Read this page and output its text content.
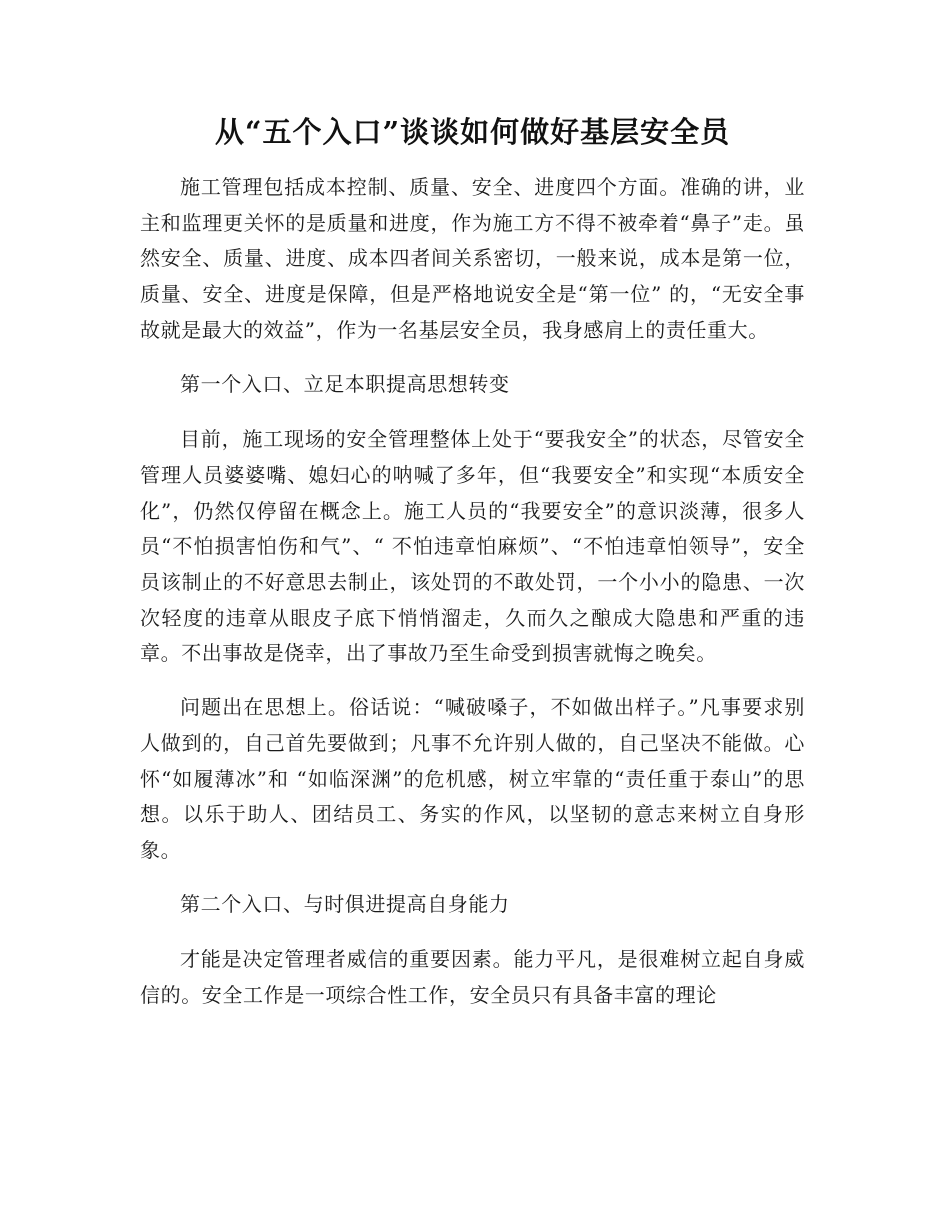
从“五个入口”谈谈如何做好基层安全员

施工管理包括成本控制、质量、安全、进度四个方面。准确的讲，业主和监理更关怀的是质量和进度，作为施工方不得不被牵着“鼻子”走。虽然安全、质量、进度、成本四者间关系密切，一般来说，成本是第一位，质量、安全、进度是保障，但是严格地说安全是“第一位” 的，“无安全事故就是最大的效益”，作为一名基层安全员，我身感肩上的责任重大。

第一个入口、立足本职提高思想转变

目前，施工现场的安全管理整体上处于“要我安全”的状态，尽管安全管理人员婆婆嘴、媳妇心的呐喊了多年，但“我要安全”和实现“本质安全化”，仍然仅停留在概念上。施工人员的“我要安全”的意识淡薄，很多人员“不怕损害怕伤和气”、“ 不怕违章怕麻烦”、“不怕违章怕领导”，安全员该制止的不好意思去制止，该处罚的不敢处罚，一个小小的隐患、一次次轻度的违章从眼皮子底下悄悄溜走，久而久之酿成大隐患和严重的违章。不出事故是侥幸，出了事故乃至生命受到损害就悔之晚矣。

问题出在思想上。俗话说：“喊破嗓子，不如做出样子。”凡事要求别人做到的，自己首先要做到；凡事不允许别人做的，自己坚决不能做。心怀“如履薄冰”和 “如临深渊”的危机感，树立牢靠的“责任重于泰山”的思想。以乐于助人、团结员工、务实的作风，以坚韧的意志来树立自身形象。

第二个入口、与时俱进提高自身能力

才能是决定管理者威信的重要因素。能力平凡，是很难树立起自身威信的。安全工作是一项综合性工作，安全员只有具备丰富的理论
